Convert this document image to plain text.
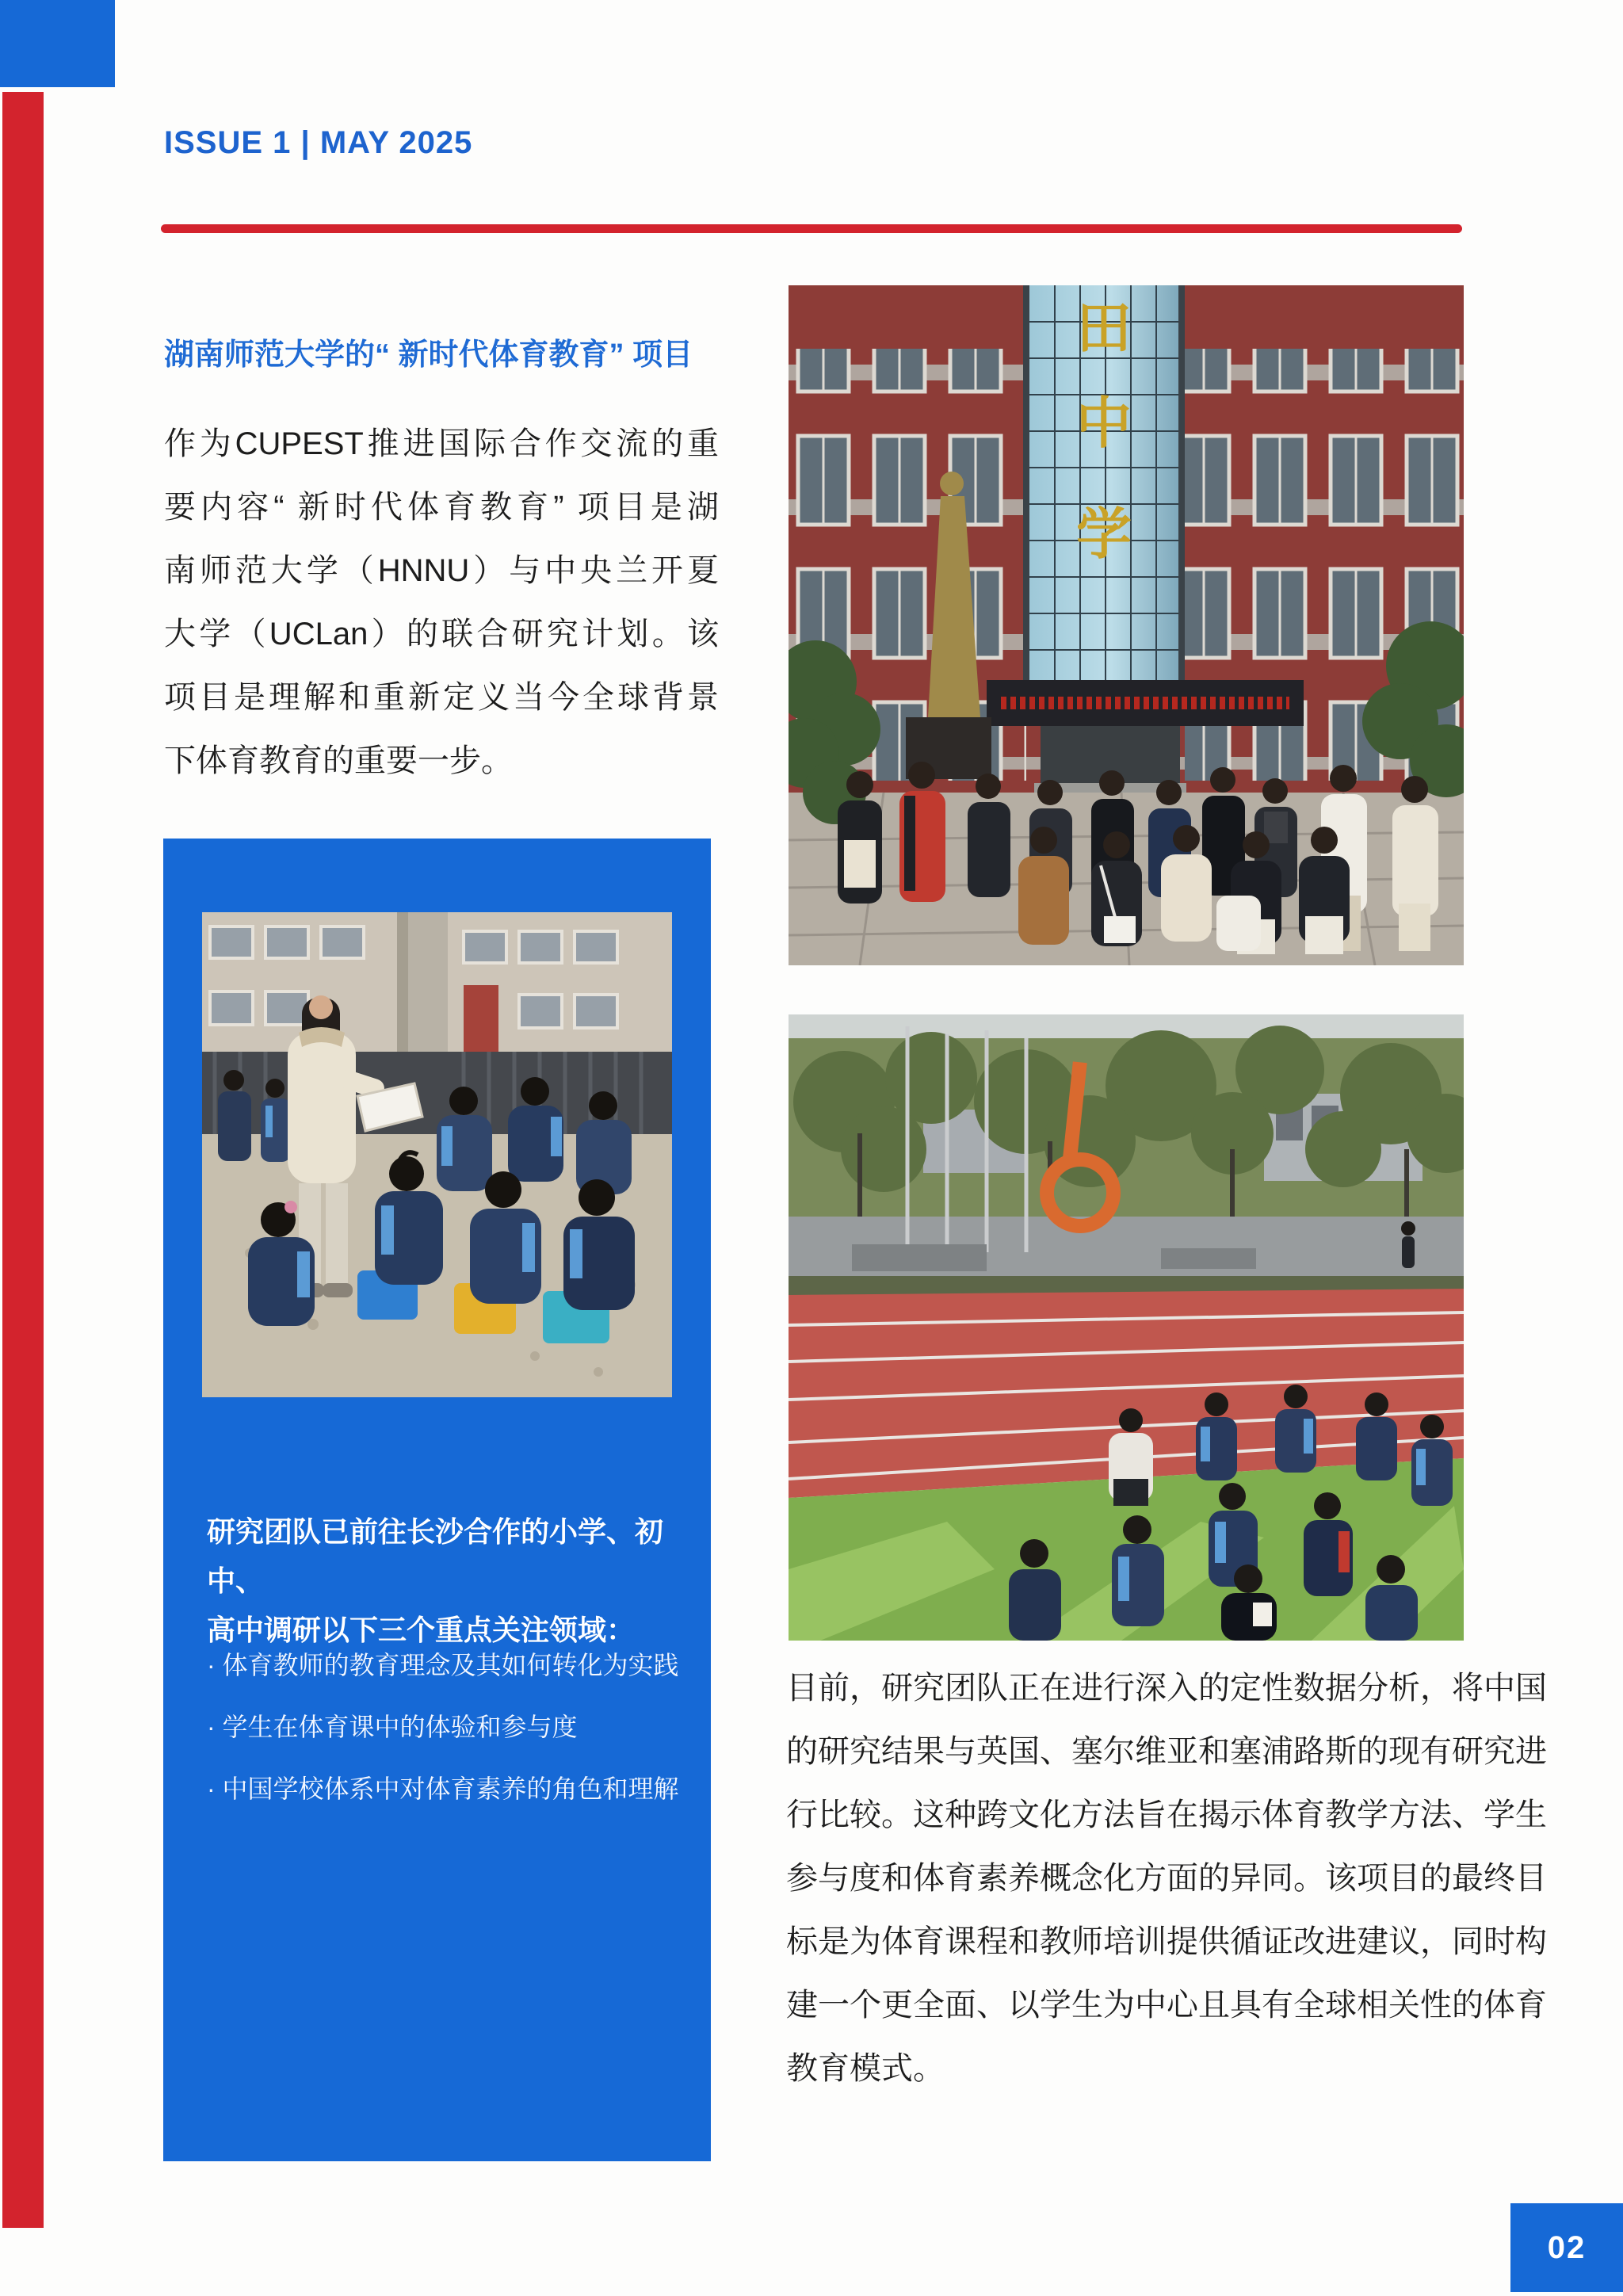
ISSUE 1 | MAY 2025
湖南师范大学的“ 新时代体育教育” 项目
作为CUPEST推进国际合作交流的重
要内容“ 新时代体育教育” 项目是湖
南师范大学（HNNU）与中央兰开夏
大学（UCLan）的联合研究计划。该
项目是理解和重新定义当今全球背景
下体育教育的重要一步。
田
中
学
研究团队已前往长沙合作的小学、初中、
高中调研以下三个重点关注领域：
· 体育教师的教育理念及其如何转化为实践
· 学生在体育课中的体验和参与度
· 中国学校体系中对体育素养的角色和理解
目前，研究团队正在进行深入的定性数据分析，将中国
的研究结果与英国、塞尔维亚和塞浦路斯的现有研究进
行比较。这种跨文化方法旨在揭示体育教学方法、学生
参与度和体育素养概念化方面的异同。该项目的最终目
标是为体育课程和教师培训提供循证改进建议，同时构
建一个更全面、以学生为中心且具有全球相关性的体育
教育模式。
02
